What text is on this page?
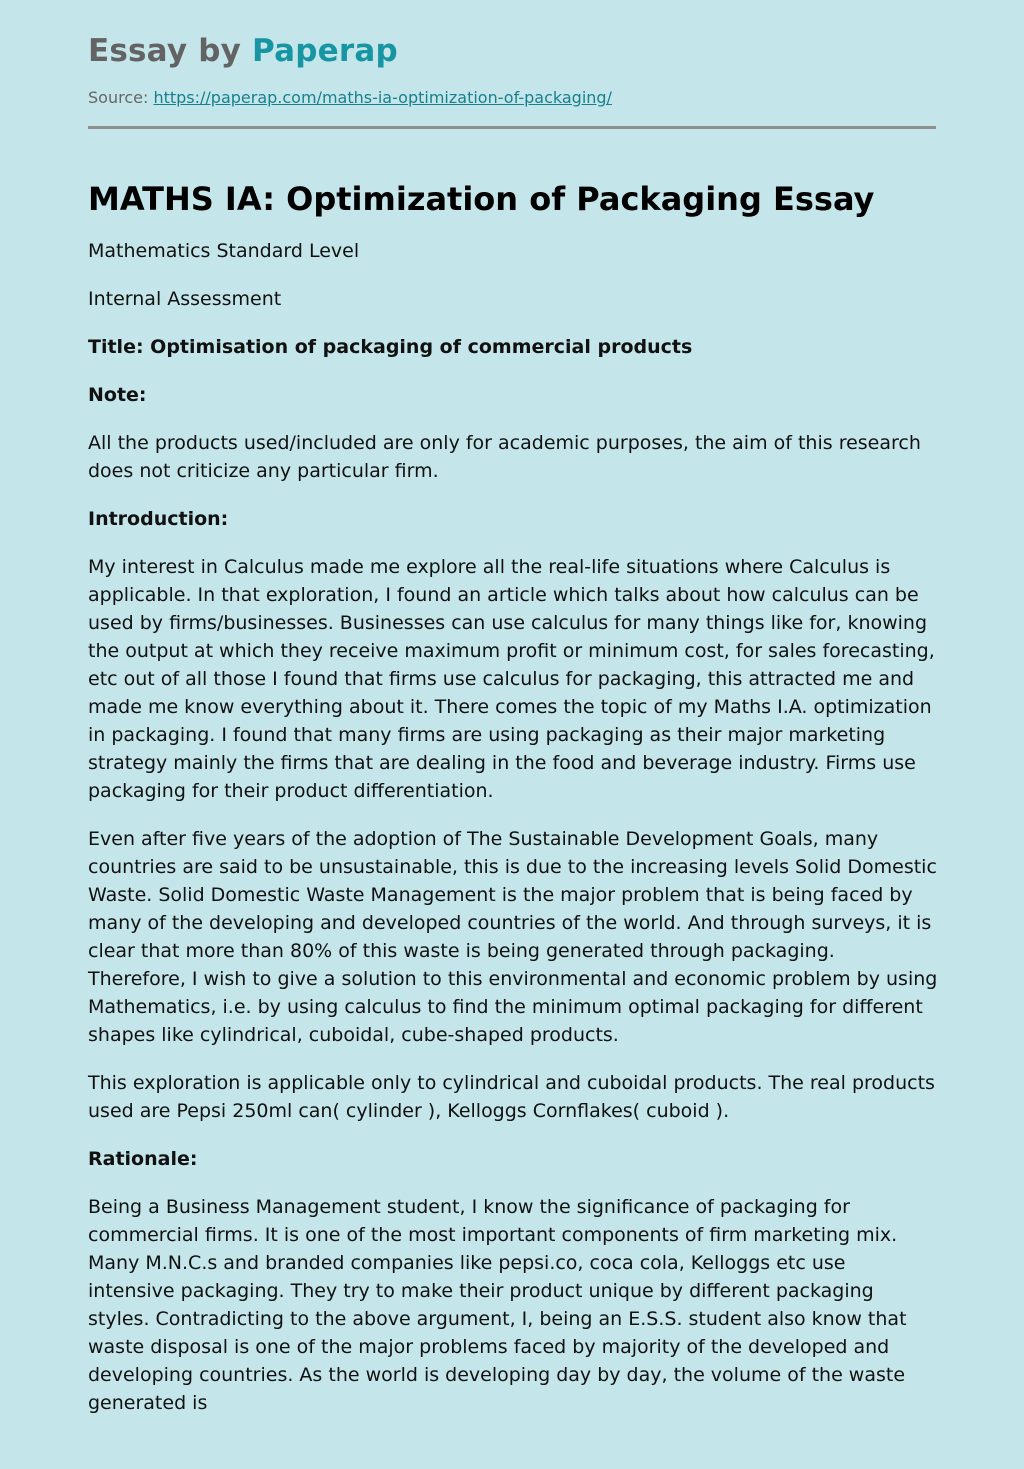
Essay by Paperap
Source: https://paperap.com/maths-ia-optimization-of-packaging/
MATHS IA: Optimization of Packaging Essay

Mathematics Standard Level

Internal Assessment

Title: Optimisation of packaging of commercial products

Note:

All the products used/included are only for academic purposes, the aim of this research does not criticize any particular firm.

Introduction:

My interest in Calculus made me explore all the real-life situations where Calculus is applicable. In that exploration, I found an article which talks about how calculus can be used by firms/businesses. Businesses can use calculus for many things like for, knowing the output at which they receive maximum profit or minimum cost, for sales forecasting, etc out of all those I found that firms use calculus for packaging, this attracted me and made me know everything about it. There comes the topic of my Maths I.A. optimization in packaging. I found that many firms are using packaging as their major marketing strategy mainly the firms that are dealing in the food and beverage industry. Firms use packaging for their product differentiation.

Even after five years of the adoption of The Sustainable Development Goals, many countries are said to be unsustainable, this is due to the increasing levels Solid Domestic Waste. Solid Domestic Waste Management is the major problem that is being faced by many of the developing and developed countries of the world. And through surveys, it is clear that more than 80% of this waste is being generated through packaging. Therefore, I wish to give a solution to this environmental and economic problem by using Mathematics, i.e. by using calculus to find the minimum optimal packaging for different shapes like cylindrical, cuboidal, cube-shaped products.

This exploration is applicable only to cylindrical and cuboidal products. The real products used are Pepsi 250ml can( cylinder ), Kelloggs Cornflakes( cuboid ).

Rationale:

Being a Business Management student, I know the significance of packaging for commercial firms. It is one of the most important components of firm marketing mix. Many M.N.C.s and branded companies like pepsi.co, coca cola, Kelloggs etc use intensive packaging. They try to make their product unique by different packaging styles. Contradicting to the above argument, I, being an E.S.S. student also know that waste disposal is one of the major problems faced by majority of the developed and developing countries. As the world is developing day by day, the volume of the waste generated is
